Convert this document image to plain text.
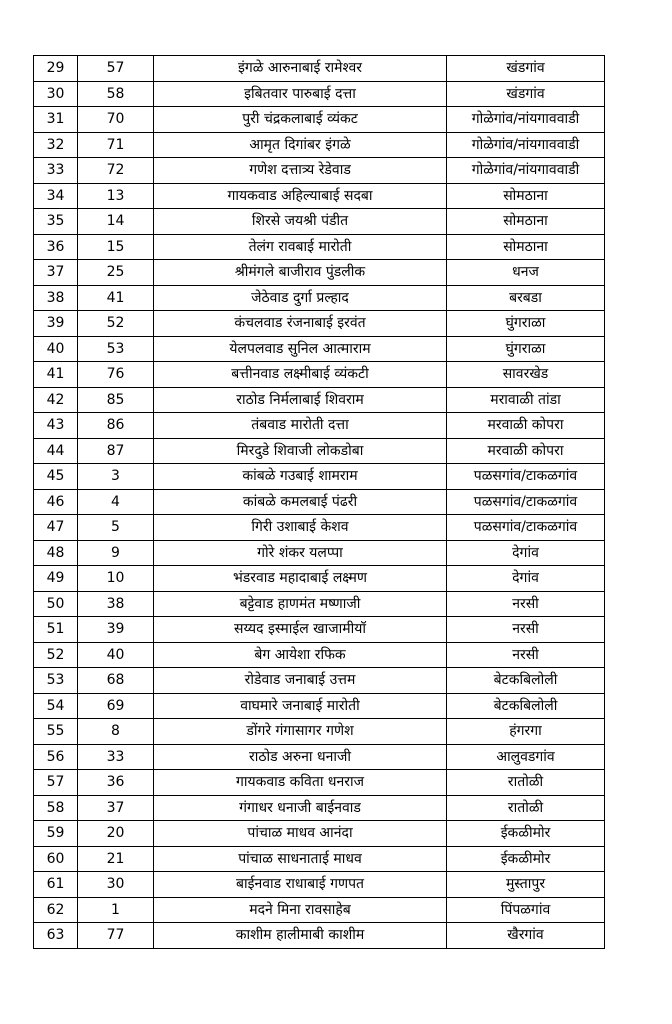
29	57	इंगळे आरुनाबाई रामेश्वर	खंडगांव
30	58	इबितवार पारुबाई दत्ता	खंडगांव
31	70	पुरी चंद्रकलाबाई व्यंकट	गोळेगांव/नांयगाववाडी
32	71	आमृत दिगांबर इंगळे	गोळेगांव/नांयगाववाडी
33	72	गणेश दत्तात्र्य रेडेवाड	गोळेगांव/नांयगाववाडी
34	13	गायकवाड अहिल्याबाई सदबा	सोमठाना
35	14	शिरसे जयश्री पंडीत	सोमठाना
36	15	तेलंग रावबाई मारोती	सोमठाना
37	25	श्रीमंगले बाजीराव पुंडलीक	धनज
38	41	जेठेवाड दुर्गा प्रल्हाद	बरबडा
39	52	कंचलवाड रंजनाबाई इरवंत	घुंगराळा
40	53	येलपलवाड सुनिल आत्माराम	घुंगराळा
41	76	बत्तीनवाड लक्ष्मीबाई व्यंकटी	सावरखेड
42	85	राठोड निर्मलाबाई शिवराम	मरावाळी तांडा
43	86	तंबवाड मारोती दत्ता	मरवाळी कोपरा
44	87	मिरदुडे शिवाजी लोकडोबा	मरवाळी कोपरा
45	3	कांबळे गउबाई शामराम	पळसगांव/टाकळगांव
46	4	कांबळे कमलबाई पंढरी	पळसगांव/टाकळगांव
47	5	गिरी उशाबाई केशव	पळसगांव/टाकळगांव
48	9	गोरे शंकर यलप्पा	देगांव
49	10	भंडरवाड महादाबाई लक्ष्मण	देगांव
50	38	बट्टेवाड हाणमंत मष्णाजी	नरसी
51	39	सय्यद इस्माईल खाजामीयॉ	नरसी
52	40	बेग आयेशा रफिक	नरसी
53	68	रोडेवाड जनाबाई उत्तम	बेटकबिलोली
54	69	वाघमारे जनाबाई मारोती	बेटकबिलोली
55	8	डोंगरे गंगासागर गणेश	हंगरगा
56	33	राठोड अरुना धनाजी	आलुवडगांव
57	36	गायकवाड कविता धनराज	रातोळी
58	37	गंगाधर धनाजी बाईनवाड	रातोळी
59	20	पांचाळ माधव आनंदा	ईकळीमोर
60	21	पांचाळ साधनाताई माधव	ईकळीमोर
61	30	बाईनवाड राधाबाई गणपत	मुस्तापुर
62	1	मदने मिना रावसाहेब	पिंपळगांव
63	77	काशीम हालीमाबी काशीम	खैरगांव
